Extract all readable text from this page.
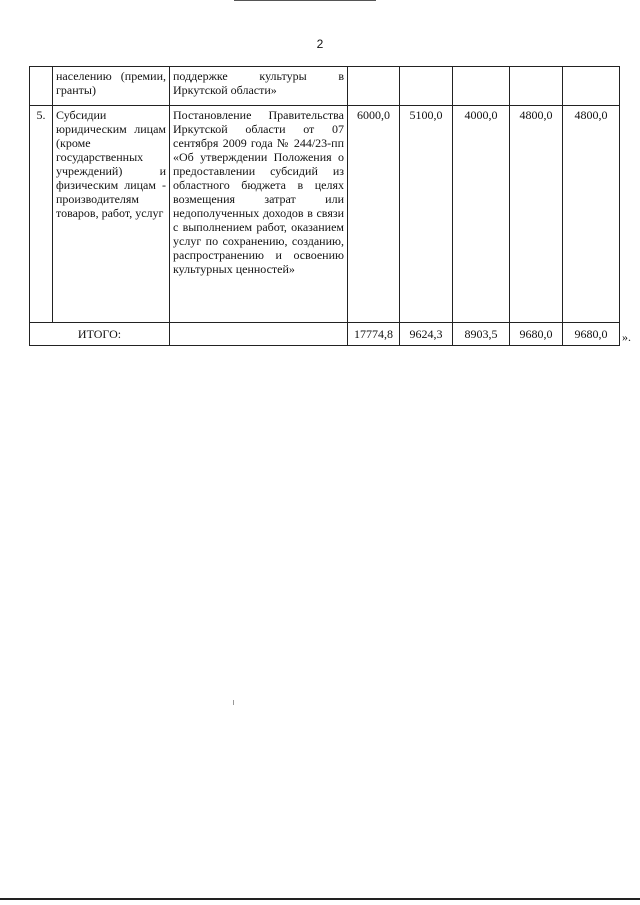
2
	населению (премии, гранты)	поддержке культуры в Иркутской области»					
5.	Субсидии юридическим лицам (кроме государственных учреждений) и физическим лицам - производителям товаров, работ, услуг	Постановление Правительства Иркутской области от 07 сентября 2009 года № 244/23-пп «Об утверждении Положения о предоставлении субсидий из областного бюджета в целях возмещения затрат или недополученных доходов в связи с выполнением работ, оказанием услуг по сохранению, созданию, распространению и освоению культурных ценностей»	6000,0	5100,0	4000,0	4800,0	4800,0
ИТОГО:			17774,8	9624,3	8903,5	9680,0	9680,0 ».
